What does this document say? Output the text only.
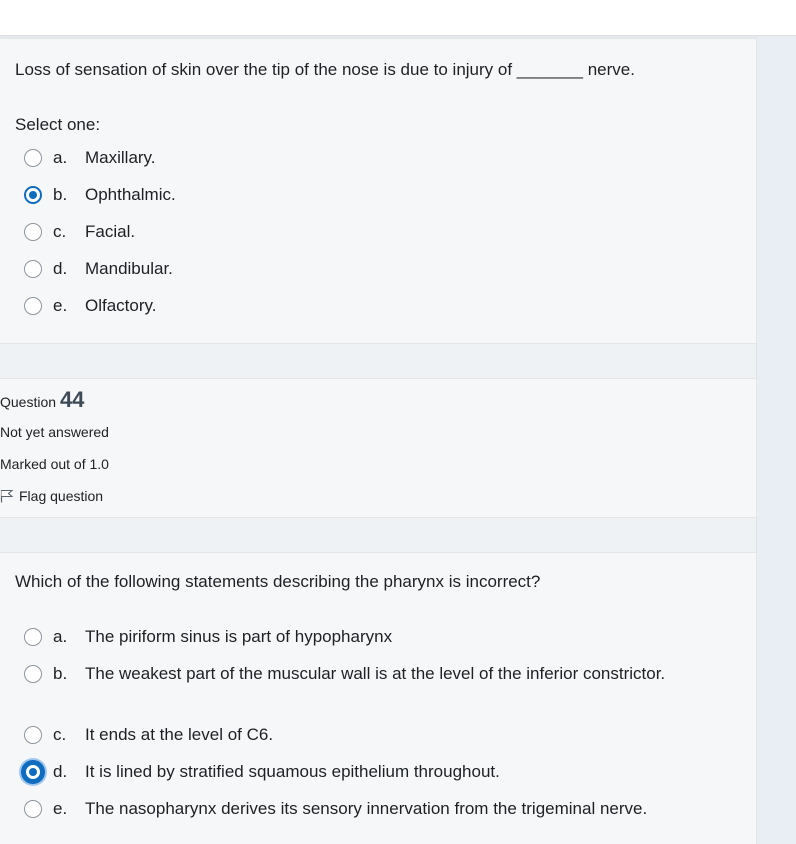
Loss of sensation of skin over the tip of the nose is due to injury of _______ nerve.
Select one:
a. Maxillary.
b. Ophthalmic.
c. Facial.
d. Mandibular.
e. Olfactory.
Question 44
Not yet answered
Marked out of 1.0
Flag question
Which of the following statements describing the pharynx is incorrect?
a. The piriform sinus is part of hypopharynx
b. The weakest part of the muscular wall is at the level of the inferior constrictor.
c. It ends at the level of C6.
d. It is lined by stratified squamous epithelium throughout.
e. The nasopharynx derives its sensory innervation from the trigeminal nerve.
